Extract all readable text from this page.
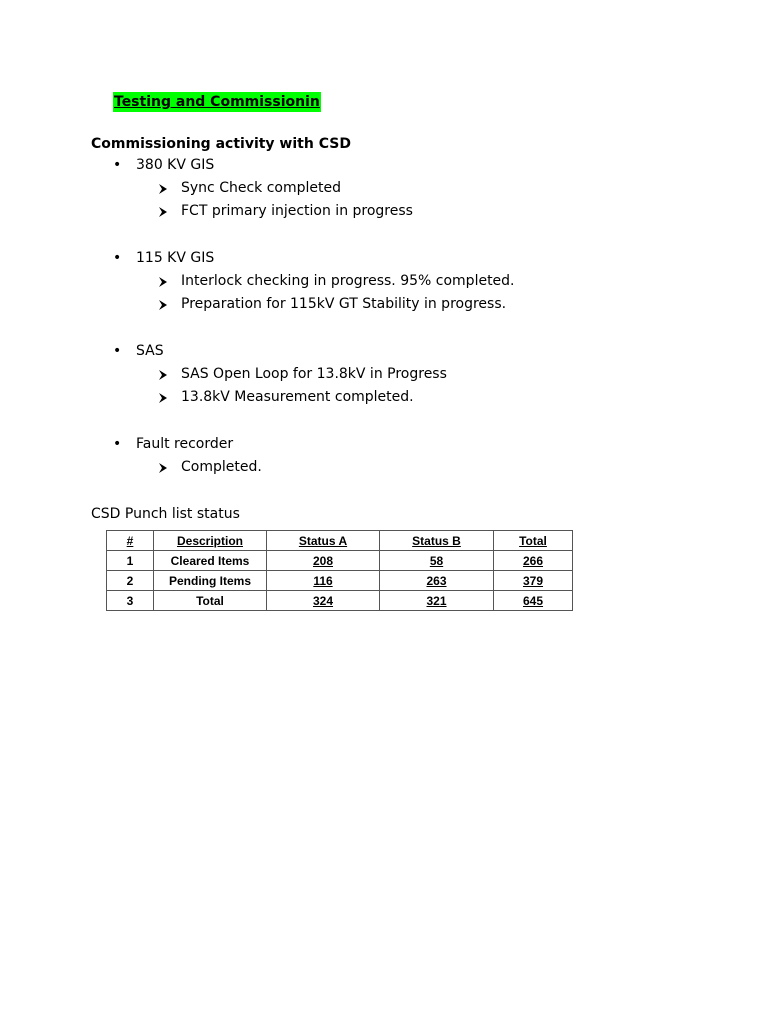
Testing and Commissionin
Commissioning activity with CSD
• 380 KV GIS
Sync Check completed
FCT primary injection in progress
• 115 KV GIS
Interlock checking in progress. 95% completed.
Preparation for 115kV GT Stability in progress.
• SAS
SAS Open Loop for 13.8kV in Progress
13.8kV Measurement completed.
• Fault recorder
Completed.
CSD Punch list status
#	Description	Status A	Status B	Total
1	Cleared Items	208	58	266
2	Pending Items	116	263	379
3	Total	324	321	645
